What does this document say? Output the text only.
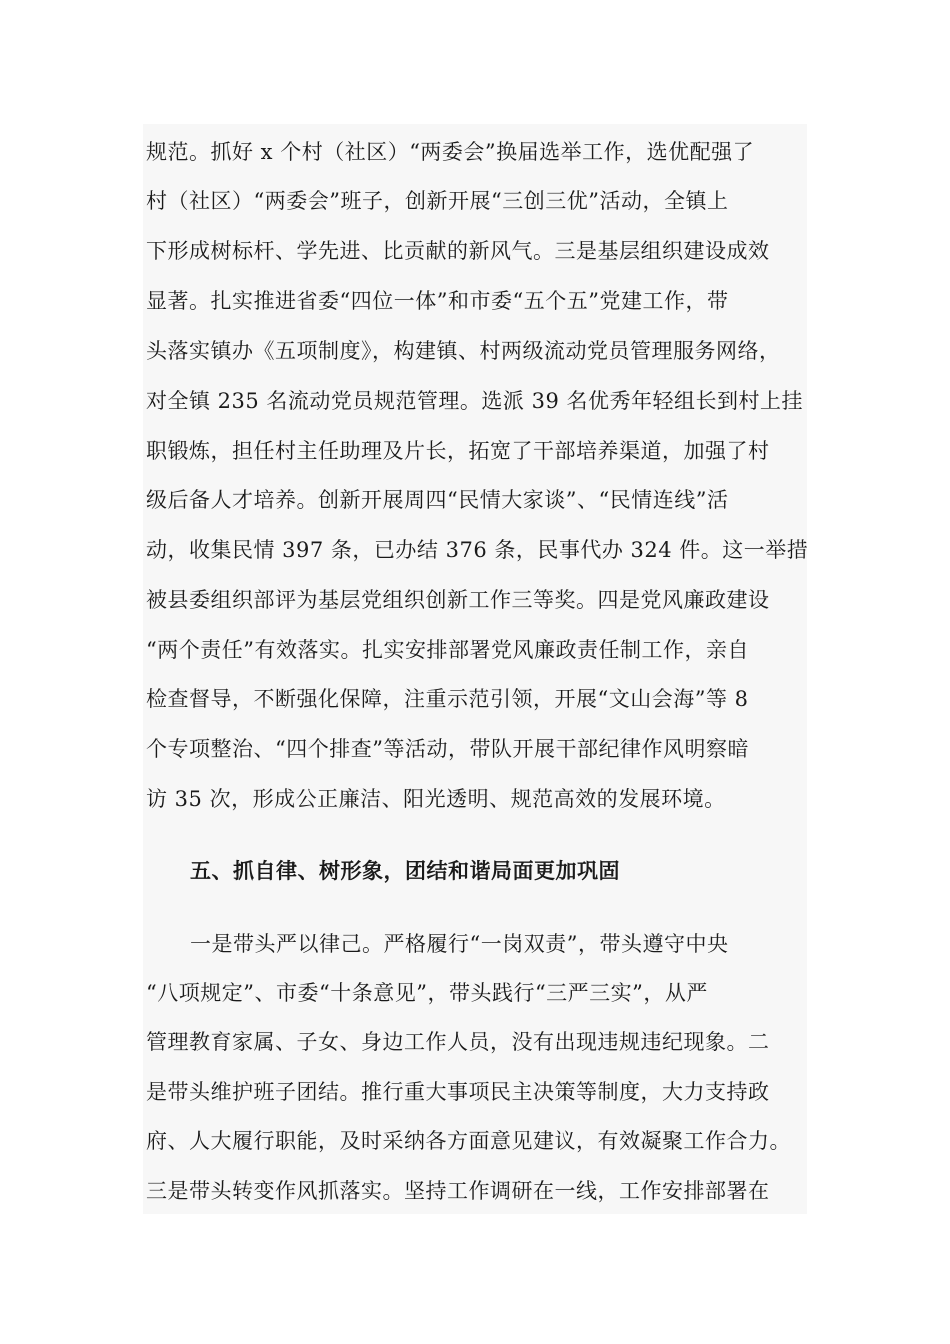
规范。抓好 x 个村（社区）“两委会”换届选举工作，选优配强了
村（社区）“两委会”班子，创新开展“三创三优”活动，全镇上
下形成树标杆、学先进、比贡献的新风气。三是基层组织建设成效
显著。扎实推进省委“四位一体”和市委“五个五”党建工作，带
头落实镇办《五项制度》，构建镇、村两级流动党员管理服务网络，
对全镇 235 名流动党员规范管理。选派 39 名优秀年轻组长到村上挂
职锻炼，担任村主任助理及片长，拓宽了干部培养渠道，加强了村
级后备人才培养。创新开展周四“民情大家谈”、“民情连线”活
动，收集民情 397 条，已办结 376 条，民事代办 324 件。这一举措
被县委组织部评为基层党组织创新工作三等奖。四是党风廉政建设
“两个责任”有效落实。扎实安排部署党风廉政责任制工作，亲自
检查督导，不断强化保障，注重示范引领，开展“文山会海”等 8
个专项整治、“四个排查”等活动，带队开展干部纪律作风明察暗
访 35 次，形成公正廉洁、阳光透明、规范高效的发展环境。
五、抓自律、树形象，团结和谐局面更加巩固
一是带头严以律己。严格履行“一岗双责”，带头遵守中央
“八项规定”、市委“十条意见”，带头践行“三严三实”，从严
管理教育家属、子女、身边工作人员，没有出现违规违纪现象。二
是带头维护班子团结。推行重大事项民主决策等制度，大力支持政
府、人大履行职能，及时采纳各方面意见建议，有效凝聚工作合力。
三是带头转变作风抓落实。坚持工作调研在一线，工作安排部署在
